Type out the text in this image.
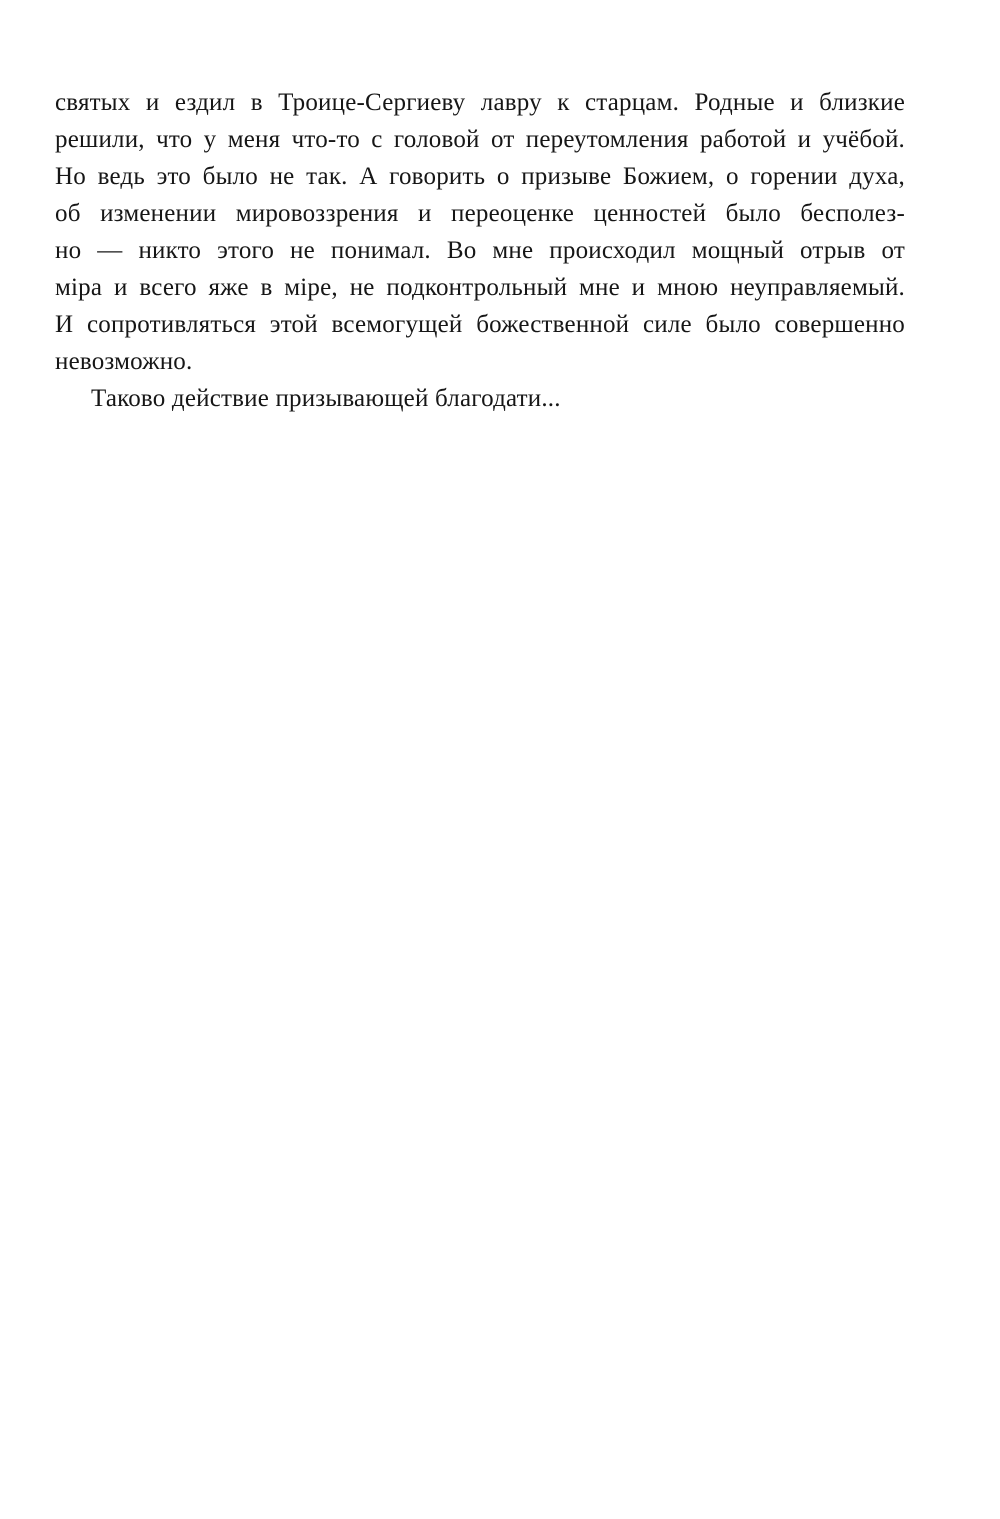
святых и ездил в Троице-Сергиеву лавру к старцам. Родные и близкие
решили, что у меня что-то с головой от переутомления работой и учёбой.
Но ведь это было не так. А говорить о призыве Божием, о горении духа,
об изменении мировоззрения и переоценке ценностей было бесполез-
но — никто этого не понимал. Во мне происходил мощный отрыв от
міра и всего яже в міре, не подконтрольный мне и мною неуправляемый.
И сопротивляться этой всемогущей божественной силе было совершенно
невозможно.
Таково действие призывающей благодати...
